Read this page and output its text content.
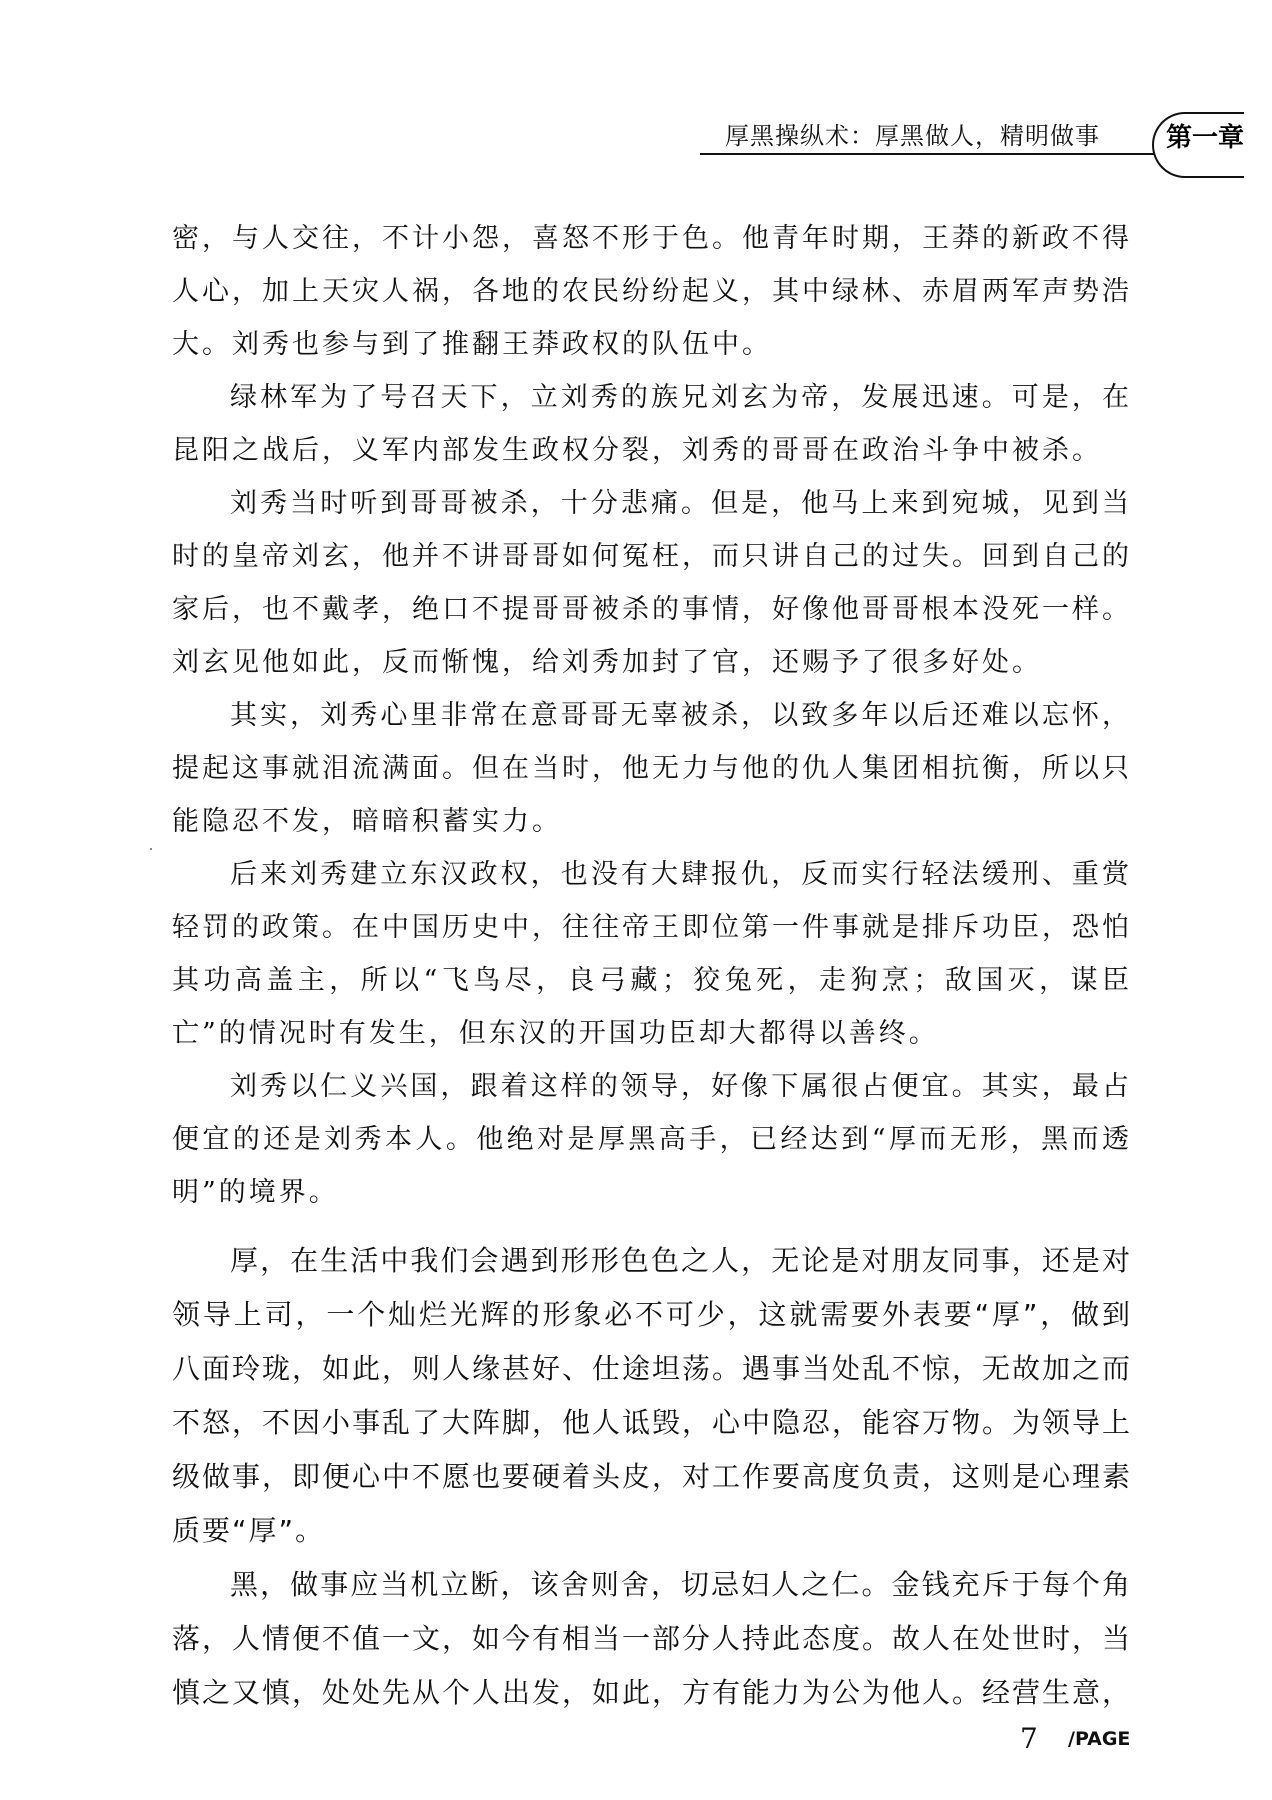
厚黑操纵术：厚黑做人，精明做事	第一章

密，与人交往，不计小怨，喜怒不形于色。他青年时期，王莽的新政不得人心，加上天灾人祸，各地的农民纷纷起义，其中绿林、赤眉两军声势浩大。刘秀也参与到了推翻王莽政权的队伍中。

绿林军为了号召天下，立刘秀的族兄刘玄为帝，发展迅速。可是，在昆阳之战后，义军内部发生政权分裂，刘秀的哥哥在政治斗争中被杀。

刘秀当时听到哥哥被杀，十分悲痛。但是，他马上来到宛城，见到当时的皇帝刘玄，他并不讲哥哥如何冤枉，而只讲自己的过失。回到自己的家后，也不戴孝，绝口不提哥哥被杀的事情，好像他哥哥根本没死一样。刘玄见他如此，反而惭愧，给刘秀加封了官，还赐予了很多好处。

其实，刘秀心里非常在意哥哥无辜被杀，以致多年以后还难以忘怀，提起这事就泪流满面。但在当时，他无力与他的仇人集团相抗衡，所以只能隐忍不发，暗暗积蓄实力。

后来刘秀建立东汉政权，也没有大肆报仇，反而实行轻法缓刑、重赏轻罚的政策。在中国历史中，往往帝王即位第一件事就是排斥功臣，恐怕其功高盖主，所以“飞鸟尽，良弓藏；狡兔死，走狗烹；敌国灭，谋臣亡”的情况时有发生，但东汉的开国功臣却大都得以善终。

刘秀以仁义兴国，跟着这样的领导，好像下属很占便宜。其实，最占便宜的还是刘秀本人。他绝对是厚黑高手，已经达到“厚而无形，黑而透明”的境界。

厚，在生活中我们会遇到形形色色之人，无论是对朋友同事，还是对领导上司，一个灿烂光辉的形象必不可少，这就需要外表要“厚”，做到八面玲珑，如此，则人缘甚好、仕途坦荡。遇事当处乱不惊，无故加之而不怒，不因小事乱了大阵脚，他人诋毁，心中隐忍，能容万物。为领导上级做事，即便心中不愿也要硬着头皮，对工作要高度负责，这则是心理素质要“厚”。

黑，做事应当机立断，该舍则舍，切忌妇人之仁。金钱充斥于每个角落，人情便不值一文，如今有相当一部分人持此态度。故人在处世时，当慎之又慎，处处先从个人出发，如此，方有能力为公为他人。经营生意，

7 /PAGE
